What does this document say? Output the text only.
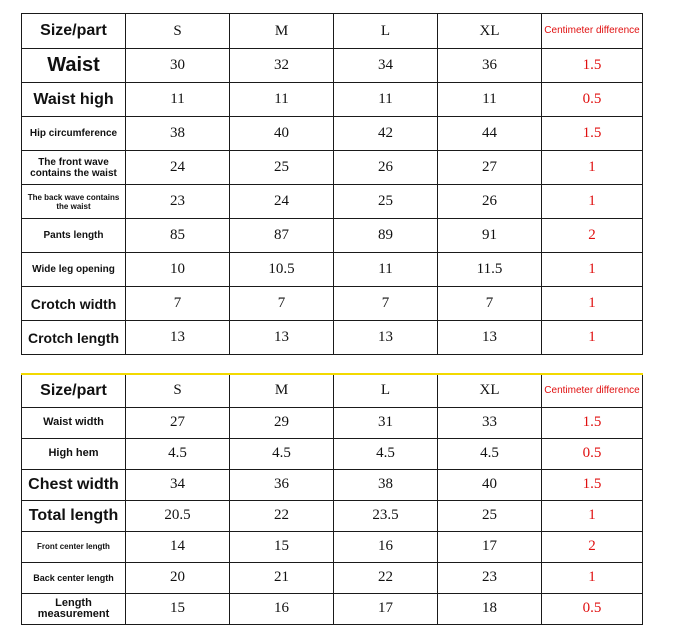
Size/part	S	M	L	XL	Centimeter difference
Waist	30	32	34	36	1.5
Waist high	11	11	11	11	0.5
Hip circumference	38	40	42	44	1.5
The front wave contains the waist	24	25	26	27	1
The back wave contains the waist	23	24	25	26	1
Pants length	85	87	89	91	2
Wide leg opening	10	10.5	11	11.5	1
Crotch width	7	7	7	7	1
Crotch length	13	13	13	13	1
Size/part	S	M	L	XL	Centimeter difference
Waist width	27	29	31	33	1.5
High hem	4.5	4.5	4.5	4.5	0.5
Chest width	34	36	38	40	1.5
Total length	20.5	22	23.5	25	1
Front center length	14	15	16	17	2
Back center length	20	21	22	23	1
Length measurement	15	16	17	18	0.5
